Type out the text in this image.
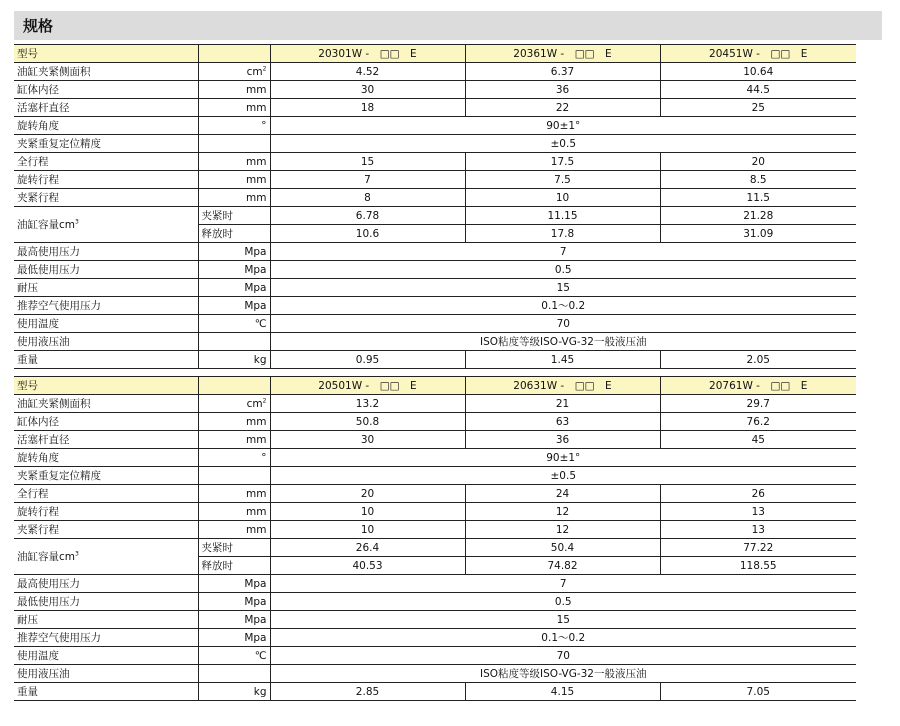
规格
型号		20301W -　□□　E	20361W -　□□　E	20451W -　□□　E
油缸夹紧侧面积	$cm^2$	4.52	6.37	10.64
缸体内径	mm	30	36	44.5
活塞杆直径	mm	18	22	25
旋转角度	°	90±1°		
夹紧重复定位精度		±0.5		
全行程	mm	15	17.5	20
旋转行程	mm	7	7.5	8.5
夹紧行程	mm	8	10	11.5
油缸容量$cm^3$	夹紧时	6.78	11.15	21.28
	释放时	10.6	17.8	31.09
最高使用压力	Mpa	7		
最低使用压力	Mpa	0.5		
耐压	Mpa	15		
推荐空气使用压力	Mpa	0.1～0.2		
使用温度	℃	70		
使用液压油		ISO粘度等级ISO-VG-32一般液压油		
重量	kg	0.95	1.45	2.05
型号		20501W -　□□　E	20631W -　□□　E	20761W -　□□　E
油缸夹紧侧面积	$cm^2$	13.2	21	29.7
缸体内径	mm	50.8	63	76.2
活塞杆直径	mm	30	36	45
旋转角度	°	90±1°		
夹紧重复定位精度		±0.5		
全行程	mm	20	24	26
旋转行程	mm	10	12	13
夹紧行程	mm	10	12	13
油缸容量$cm^3$	夹紧时	26.4	50.4	77.22
	释放时	40.53	74.82	118.55
最高使用压力	Mpa	7		
最低使用压力	Mpa	0.5		
耐压	Mpa	15		
推荐空气使用压力	Mpa	0.1～0.2		
使用温度	℃	70		
使用液压油		ISO粘度等级ISO-VG-32一般液压油		
重量	kg	2.85	4.15	7.05
